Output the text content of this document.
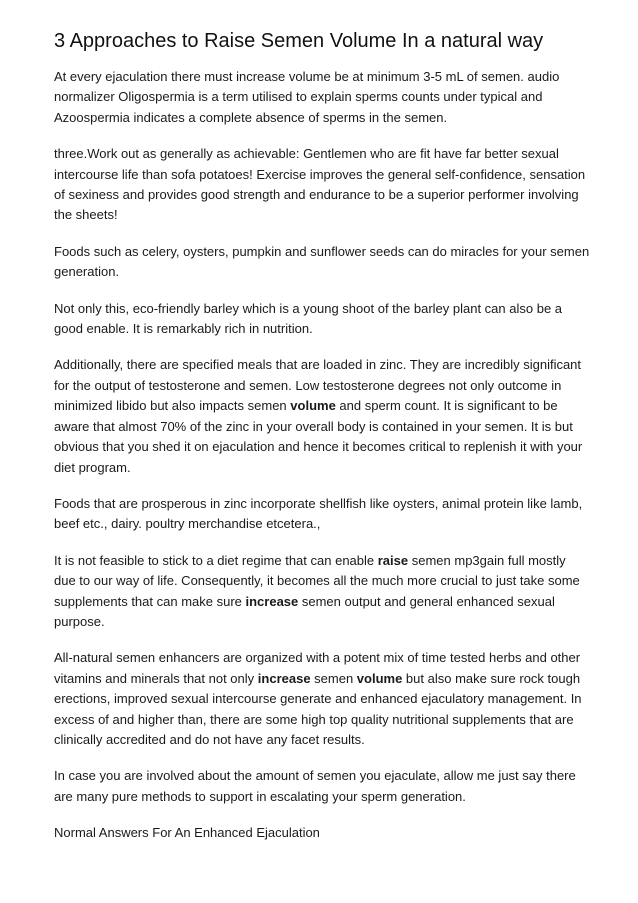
3 Approaches to Raise Semen Volume In a natural way

At every ejaculation there must increase volume be at minimum 3-5 mL of semen. audio
normalizer Oligospermia is a term utilised to explain sperms counts under typical and
Azoospermia indicates a complete absence of sperms in the semen.

three.Work out as generally as achievable: Gentlemen who are fit have far better sexual
intercourse life than sofa potatoes! Exercise improves the general self-confidence, sensation
of sexiness and provides good strength and endurance to be a superior performer involving
the sheets!

Foods such as celery, oysters, pumpkin and sunflower seeds can do miracles for your semen
generation.

Not only this, eco-friendly barley which is a young shoot of the barley plant can also be a
good enable. It is remarkably rich in nutrition.

Additionally, there are specified meals that are loaded in zinc. They are incredibly significant
for the output of testosterone and semen. Low testosterone degrees not only outcome in
minimized libido but also impacts semen volume and sperm count. It is significant to be
aware that almost 70% of the zinc in your overall body is contained in your semen. It is but
obvious that you shed it on ejaculation and hence it becomes critical to replenish it with your
diet program.

Foods that are prosperous in zinc incorporate shellfish like oysters, animal protein like lamb,
beef etc., dairy. poultry merchandise etcetera.,

It is not feasible to stick to a diet regime that can enable raise semen mp3gain full mostly
due to our way of life. Consequently, it becomes all the much more crucial to just take some
supplements that can make sure increase semen output and general enhanced sexual
purpose.

All-natural semen enhancers are organized with a potent mix of time tested herbs and other
vitamins and minerals that not only increase semen volume but also make sure rock tough
erections, improved sexual intercourse generate and enhanced ejaculatory management. In
excess of and higher than, there are some high top quality nutritional supplements that are
clinically accredited and do not have any facet results.

In case you are involved about the amount of semen you ejaculate, allow me just say there
are many pure methods to support in escalating your sperm generation.

Normal Answers For An Enhanced Ejaculation
